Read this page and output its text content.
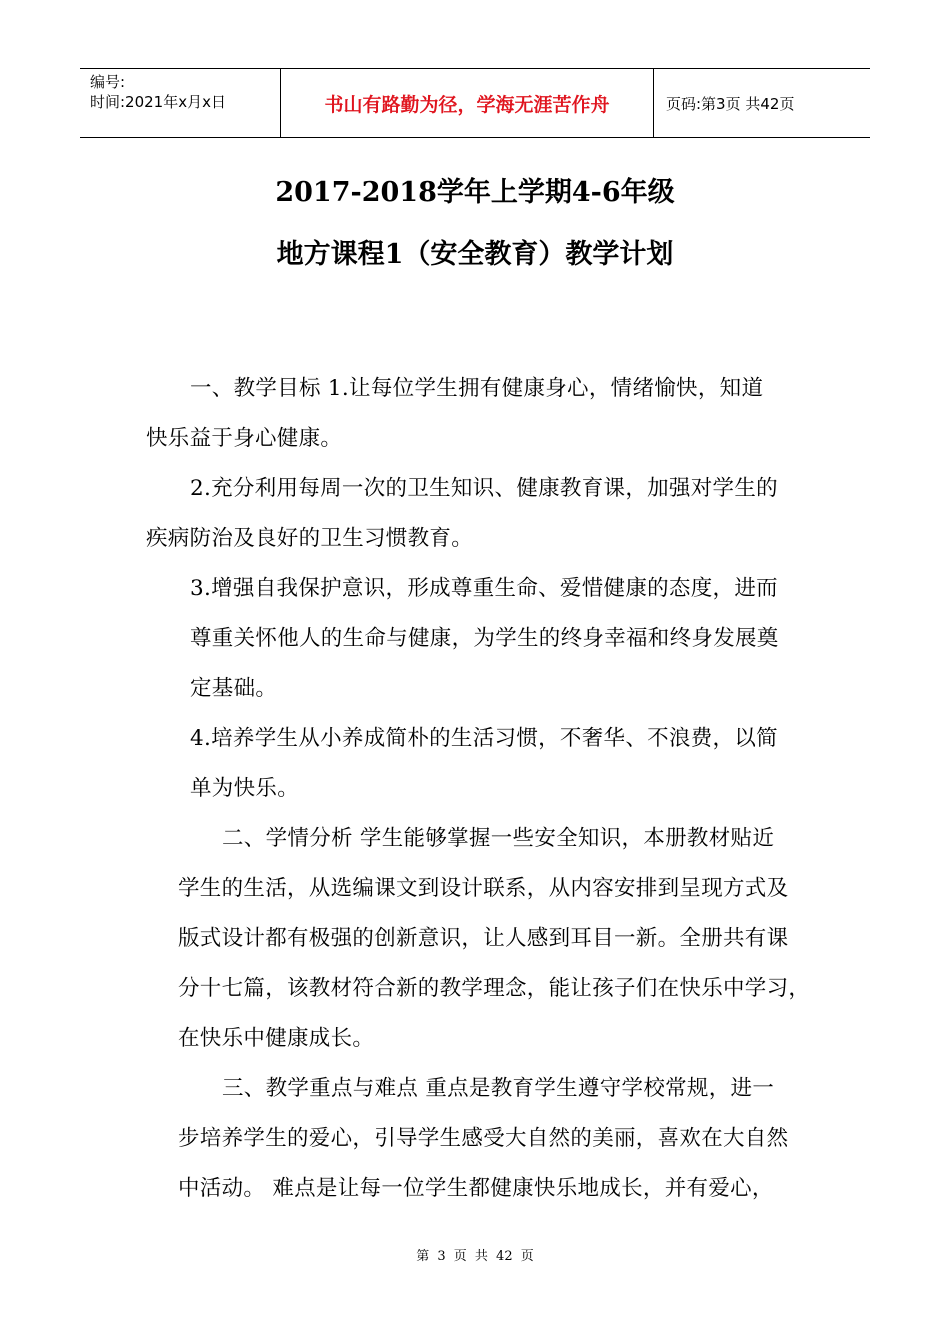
编号:
时间:2021年x月x日	书山有路勤为径，学海无涯苦作舟	页码:第3页 共42页
2017-2018学年上学期4-6年级
地方课程1（安全教育）教学计划
一、教学目标 1.让每位学生拥有健康身心，情绪愉快，知道
快乐益于身心健康。
2.充分利用每周一次的卫生知识、健康教育课，加强对学生的
疾病防治及良好的卫生习惯教育。
3.增强自我保护意识，形成尊重生命、爱惜健康的态度，进而
尊重关怀他人的生命与健康，为学生的终身幸福和终身发展奠
定基础。
4.培养学生从小养成简朴的生活习惯，不奢华、不浪费，以简
单为快乐。
二、学情分析 学生能够掌握一些安全知识，本册教材贴近
学生的生活，从选编课文到设计联系，从内容安排到呈现方式及
版式设计都有极强的创新意识，让人感到耳目一新。全册共有课
分十七篇，该教材符合新的教学理念，能让孩子们在快乐中学习，
在快乐中健康成长。
三、教学重点与难点 重点是教育学生遵守学校常规，进一
步培养学生的爱心，引导学生感受大自然的美丽，喜欢在大自然
中活动。 难点是让每一位学生都健康快乐地成长，并有爱心，
第 3 页 共 42 页
